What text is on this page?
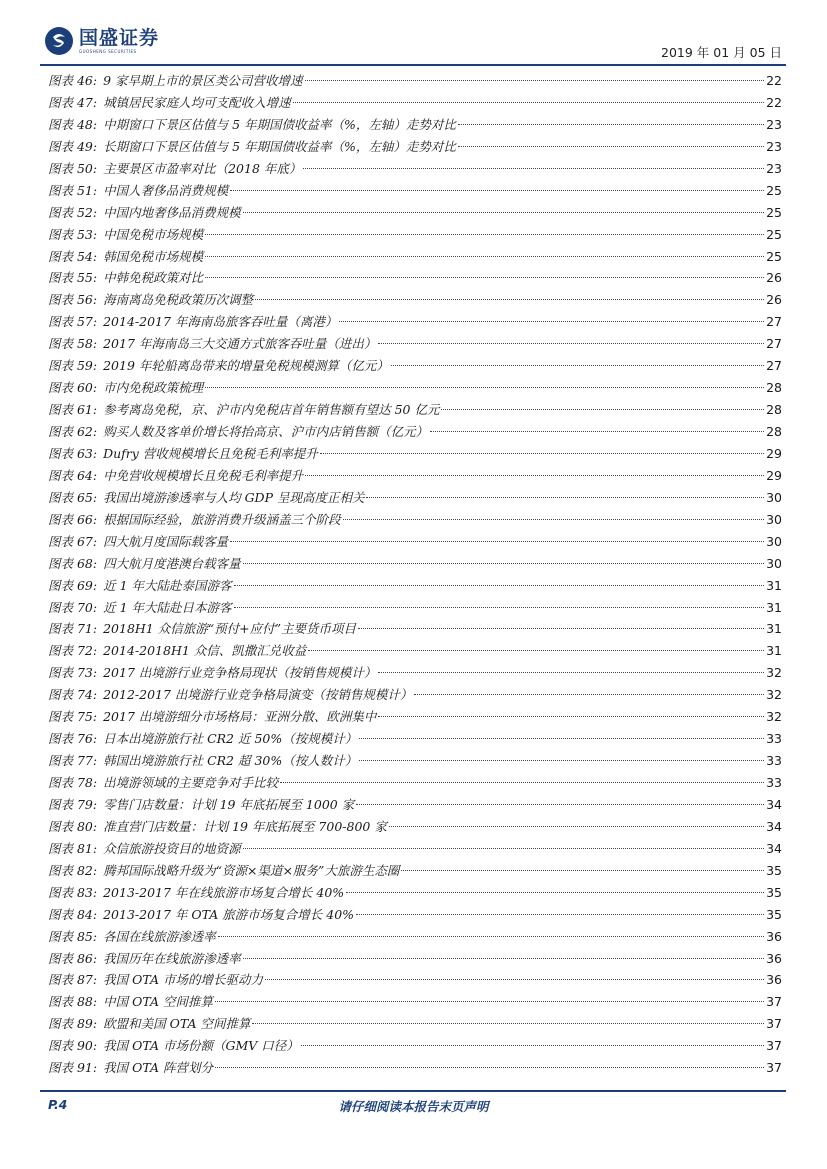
国盛证券
GUOSHENG SECURITIES	2019 年 01 月 05 日
图表 46: 9 家早期上市的景区类公司营收增速	22
图表 47: 城镇居民家庭人均可支配收入增速	22
图表 48: 中期窗口下景区估值与 5 年期国债收益率（%，左轴）走势对比	23
图表 49: 长期窗口下景区估值与 5 年期国债收益率（%，左轴）走势对比	23
图表 50: 主要景区市盈率对比（2018 年底）	23
图表 51: 中国人奢侈品消费规模	25
图表 52: 中国内地奢侈品消费规模	25
图表 53: 中国免税市场规模	25
图表 54: 韩国免税市场规模	25
图表 55: 中韩免税政策对比	26
图表 56: 海南离岛免税政策历次调整	26
图表 57: 2014-2017 年海南岛旅客吞吐量（离港）	27
图表 58: 2017 年海南岛三大交通方式旅客吞吐量（进出）	27
图表 59: 2019 年轮船离岛带来的增量免税规模测算（亿元）	27
图表 60: 市内免税政策梳理	28
图表 61: 参考离岛免税，京、沪市内免税店首年销售额有望达 50 亿元	28
图表 62: 购买人数及客单价增长将抬高京、沪市内店销售额（亿元）	28
图表 63: Dufry 营收规模增长且免税毛利率提升	29
图表 64: 中免营收规模增长且免税毛利率提升	29
图表 65: 我国出境游渗透率与人均 GDP 呈现高度正相关	30
图表 66: 根据国际经验，旅游消费升级涵盖三个阶段	30
图表 67: 四大航月度国际载客量	30
图表 68: 四大航月度港澳台载客量	30
图表 69: 近 1 年大陆赴泰国游客	31
图表 70: 近 1 年大陆赴日本游客	31
图表 71: 2018H1 众信旅游“预付+应付”主要货币项目	31
图表 72: 2014-2018H1 众信、凯撒汇兑收益	31
图表 73: 2017 出境游行业竞争格局现状（按销售规模计）	32
图表 74: 2012-2017 出境游行业竞争格局演变（按销售规模计）	32
图表 75: 2017 出境游细分市场格局：亚洲分散、欧洲集中	32
图表 76: 日本出境游旅行社 CR2 近 50%（按规模计）	33
图表 77: 韩国出境游旅行社 CR2 超 30%（按人数计）	33
图表 78: 出境游领域的主要竞争对手比较	33
图表 79: 零售门店数量：计划 19 年底拓展至 1000 家	34
图表 80: 准直营门店数量：计划 19 年底拓展至 700-800 家	34
图表 81: 众信旅游投资目的地资源	34
图表 82: 腾邦国际战略升级为“资源×渠道×服务”大旅游生态圈	35
图表 83: 2013-2017 年在线旅游市场复合增长 40%	35
图表 84: 2013-2017 年 OTA 旅游市场复合增长 40%	35
图表 85: 各国在线旅游渗透率	36
图表 86: 我国历年在线旅游渗透率	36
图表 87: 我国 OTA 市场的增长驱动力	36
图表 88: 中国 OTA 空间推算	37
图表 89: 欧盟和美国 OTA 空间推算	37
图表 90: 我国 OTA 市场份额（GMV 口径）	37
图表 91: 我国 OTA 阵营划分	37
P.4	请仔细阅读本报告末页声明
